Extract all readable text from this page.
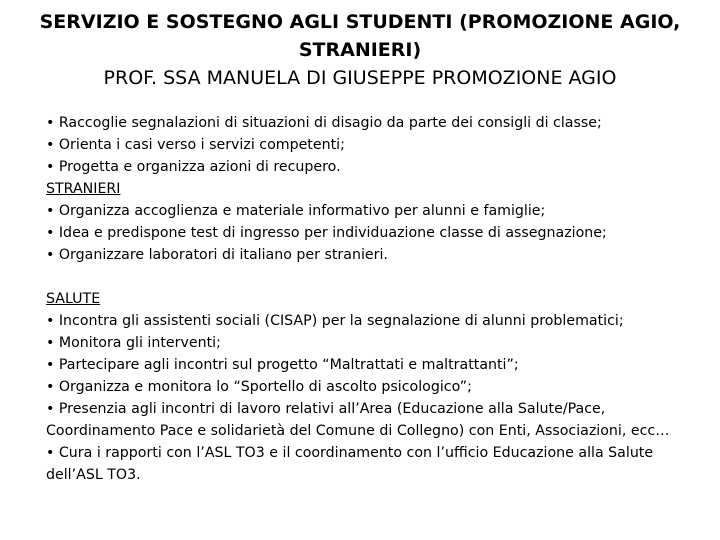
SERVIZIO E SOSTEGNO AGLI STUDENTI (PROMOZIONE AGIO,
STRANIERI)
PROF. SSA MANUELA DI GIUSEPPE PROMOZIONE AGIO
• Raccoglie segnalazioni di situazioni di disagio da parte dei consigli di classe;
• Orienta i casi verso i servizi competenti;
• Progetta e organizza azioni di recupero.
STRANIERI
• Organizza accoglienza e materiale informativo per alunni e famiglie;
• Idea e predispone test di ingresso per individuazione classe di assegnazione;
• Organizzare laboratori di italiano per stranieri.
SALUTE
• Incontra gli assistenti sociali (CISAP) per la segnalazione di alunni problematici;
• Monitora gli interventi;
• Partecipare agli incontri sul progetto “Maltrattati e maltrattanti”;
• Organizza e monitora lo “Sportello di ascolto psicologico”;
• Presenzia agli incontri di lavoro relativi all’Area (Educazione alla Salute/Pace,
Coordinamento Pace e solidarietà del Comune di Collegno) con Enti, Associazioni, ecc…
• Cura i rapporti con l’ASL TO3 e il coordinamento con l’ufficio Educazione alla Salute
dell’ASL TO3.
